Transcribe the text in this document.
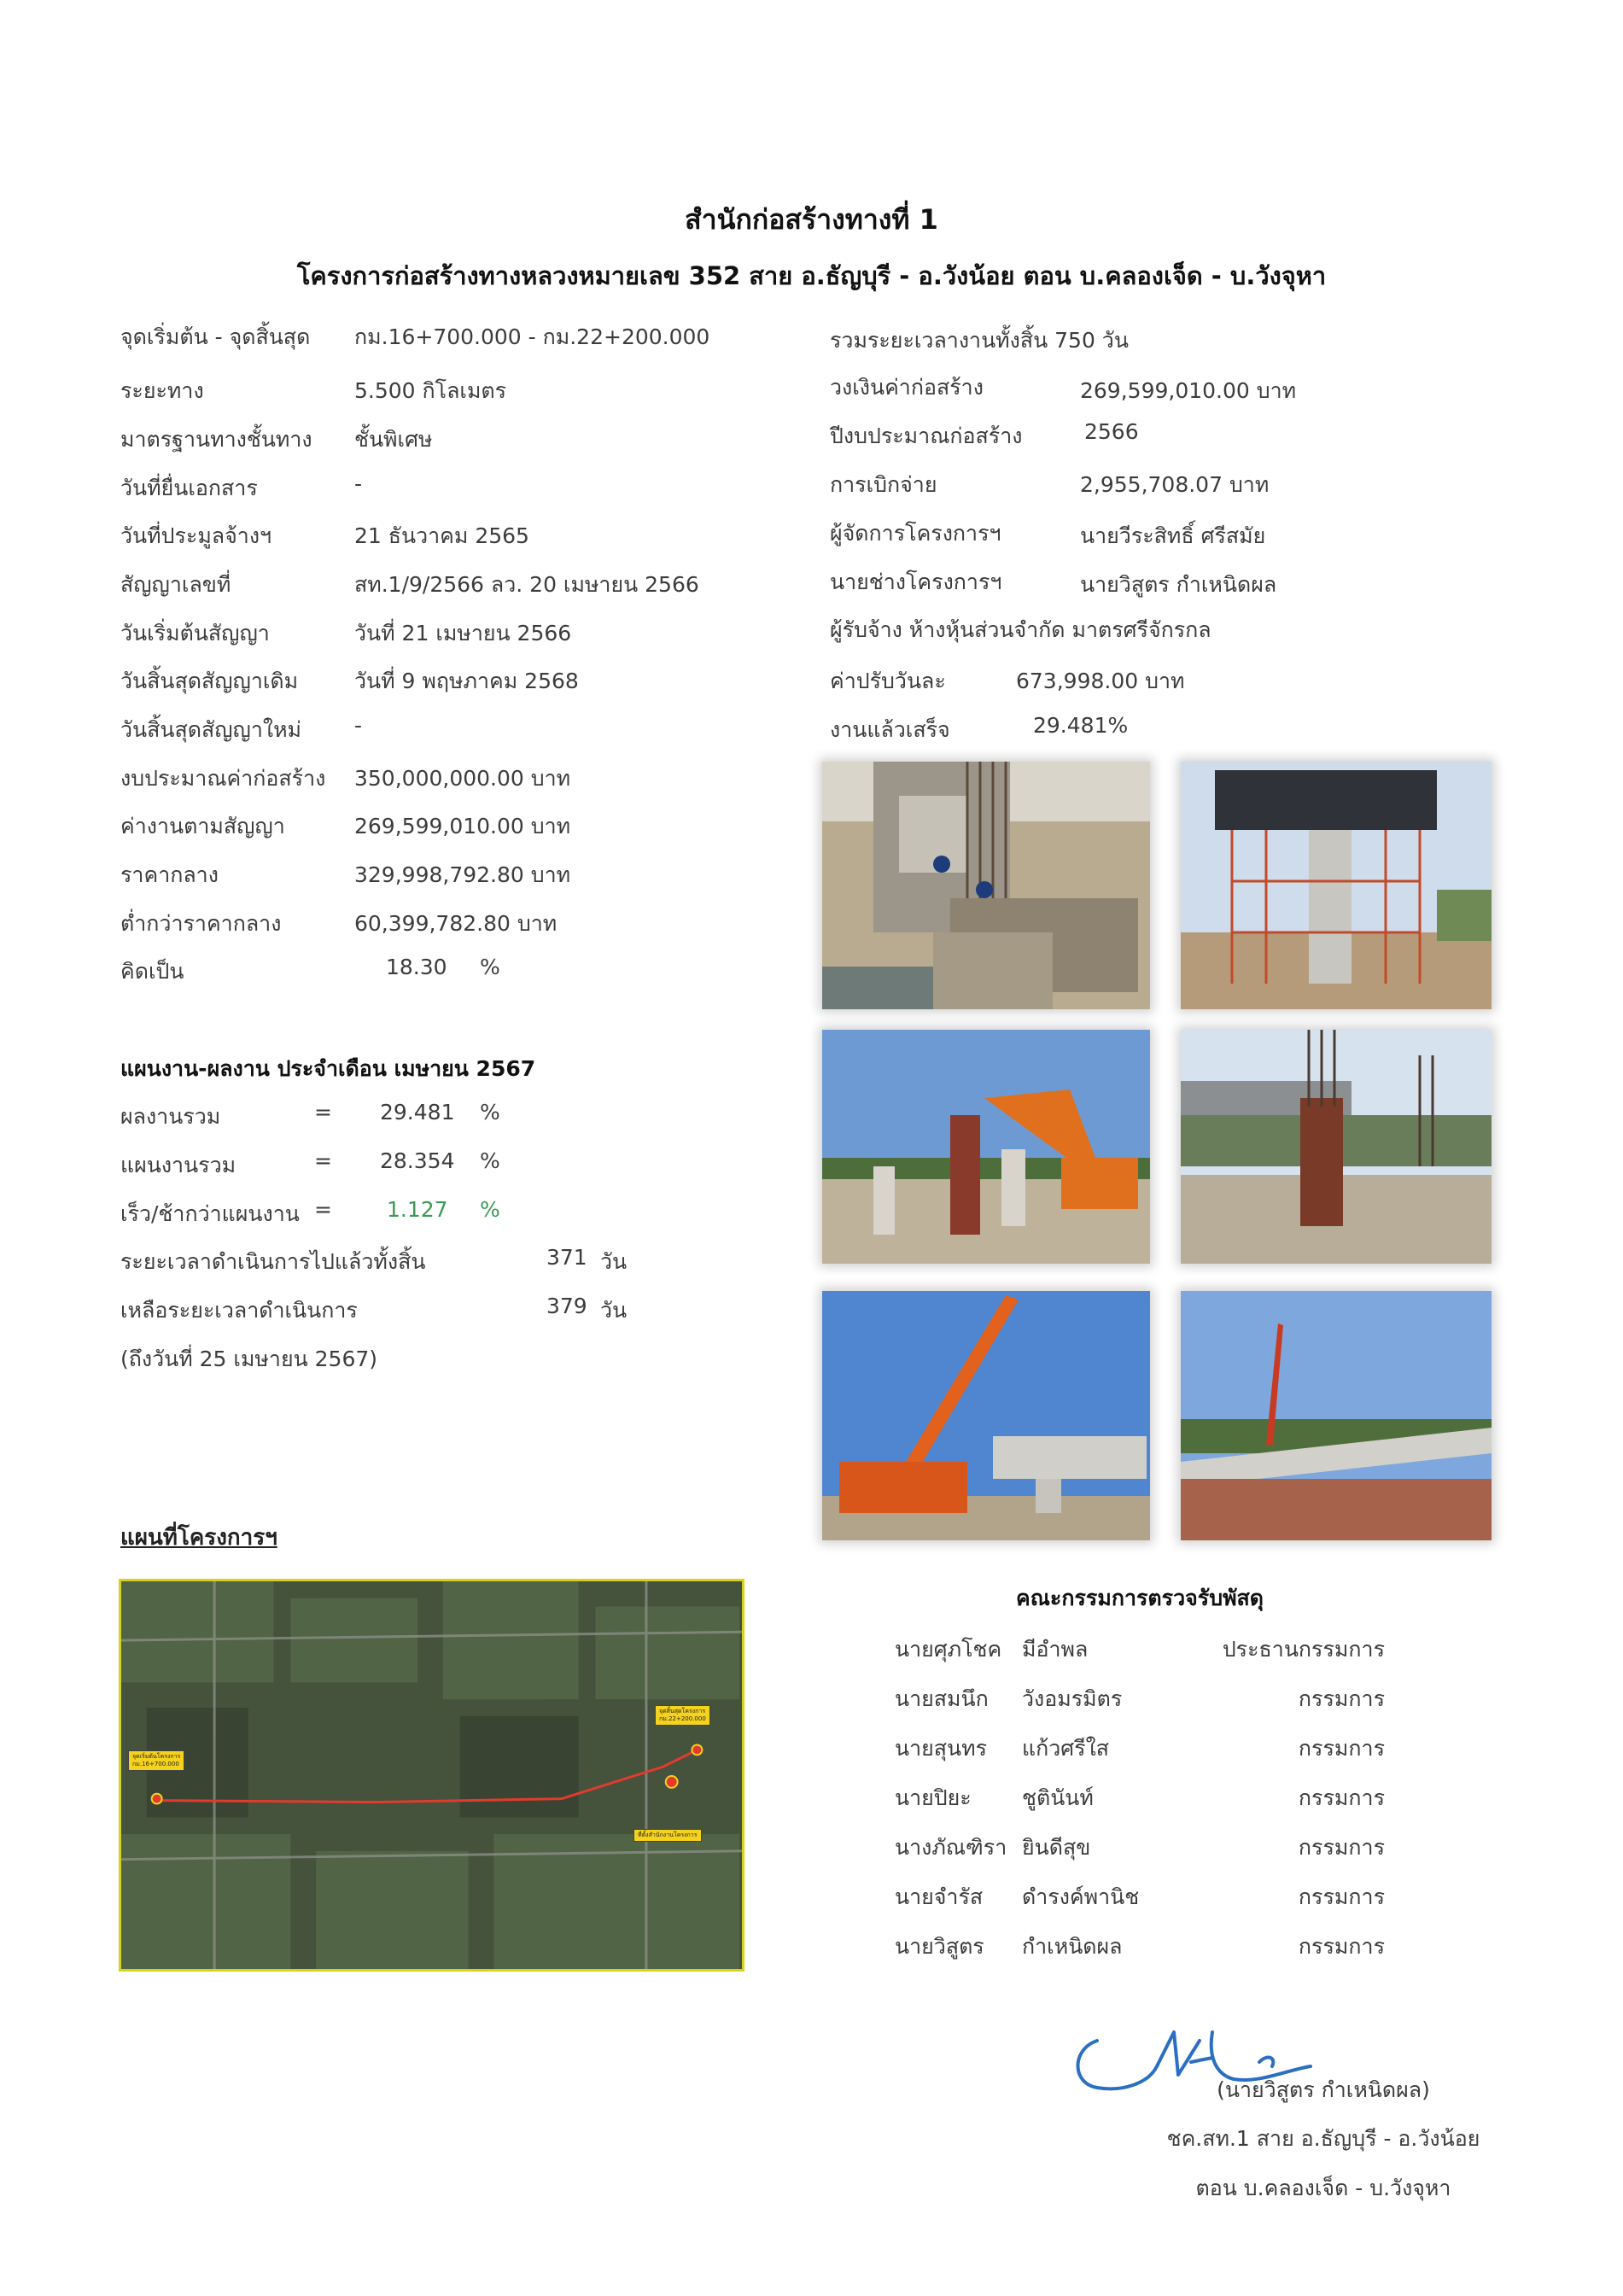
สำนักก่อสร้างทางที่ 1
โครงการก่อสร้างทางหลวงหมายเลข 352 สาย อ.ธัญบุรี - อ.วังน้อย ตอน บ.คลองเจ็ด - บ.วังจุหา
จุดเริ่มต้น - จุดสิ้นสุด กม.16+700.000 - กม.22+200.000
ระยะทาง	5.500 กิโลเมตร
มาตรฐานทางชั้นทาง ชั้นพิเศษ
วันที่ยื่นเอกสาร	-
วันที่ประมูลจ้างฯ	21 ธันวาคม 2565
สัญญาเลขที่	สท.1/9/2566 ลว. 20 เมษายน 2566
วันเริ่มต้นสัญญา	วันที่ 21 เมษายน 2566
วันสิ้นสุดสัญญาเดิม	วันที่ 9 พฤษภาคม 2568
วันสิ้นสุดสัญญาใหม่ -
งบประมาณค่าก่อสร้าง 350,000,000.00 บาท
ค่างานตามสัญญา	269,599,010.00 บาท
ราคากลาง	329,998,792.80 บาท
ต่ำกว่าราคากลาง	60,399,782.80 บาท
คิดเป็น	18.30 %
รวมระยะเวลางานทั้งสิ้น 750 วัน
วงเงินค่าก่อสร้าง	269,599,010.00 บาท
ปีงบประมาณก่อสร้าง	2566
การเบิกจ่าย	2,955,708.07 บาท
ผู้จัดการโครงการฯ	นายวีระสิทธิ์ ศรีสมัย
นายช่างโครงการฯ	นายวิสูตร กำเหนิดผล
ผู้รับจ้าง ห้างหุ้นส่วนจำกัด มาตรศรีจักรกล
ค่าปรับวันละ	673,998.00 บาท
งานแล้วเสร็จ	29.481%
แผนงาน-ผลงาน ประจำเดือน เมษายน 2567
ผลงานรวม	= 29.481 %
แผนงานรวม	= 28.354 %
เร็ว/ช้ากว่าแผนงาน =	1.127 %
ระยะเวลาดำเนินการไปแล้วทั้งสิ้น	371 วัน
เหลือระยะเวลาดำเนินการ	379 วัน
(ถึงวันที่ 25 เมษายน 2567)
แผนที่โครงการฯ
จุดเริ่มต้นโครงการ
กม.16+700.000
จุดสิ้นสุดโครงการ
กม.22+200.000
ที่ตั้งสำนักงานโครงการ
คณะกรรมการตรวจรับพัสดุ
นายศุภโชค มีอำพล	ประธานกรรมการ
นายสมนึก วังอมรมิตร	กรรมการ
นายสุนทร แก้วศรีใส	กรรมการ
นายปิยะ ชูตินันท์	กรรมการ
นางภัณฑิรา ยินดีสุข	กรรมการ
นายจำรัส ดำรงค์พานิช	กรรมการ
นายวิสูตร กำเหนิดผล	กรรมการ
(นายวิสูตร กำเหนิดผล)
ชค.สท.1 สาย อ.ธัญบุรี - อ.วังน้อย
ตอน บ.คลองเจ็ด - บ.วังจุหา
